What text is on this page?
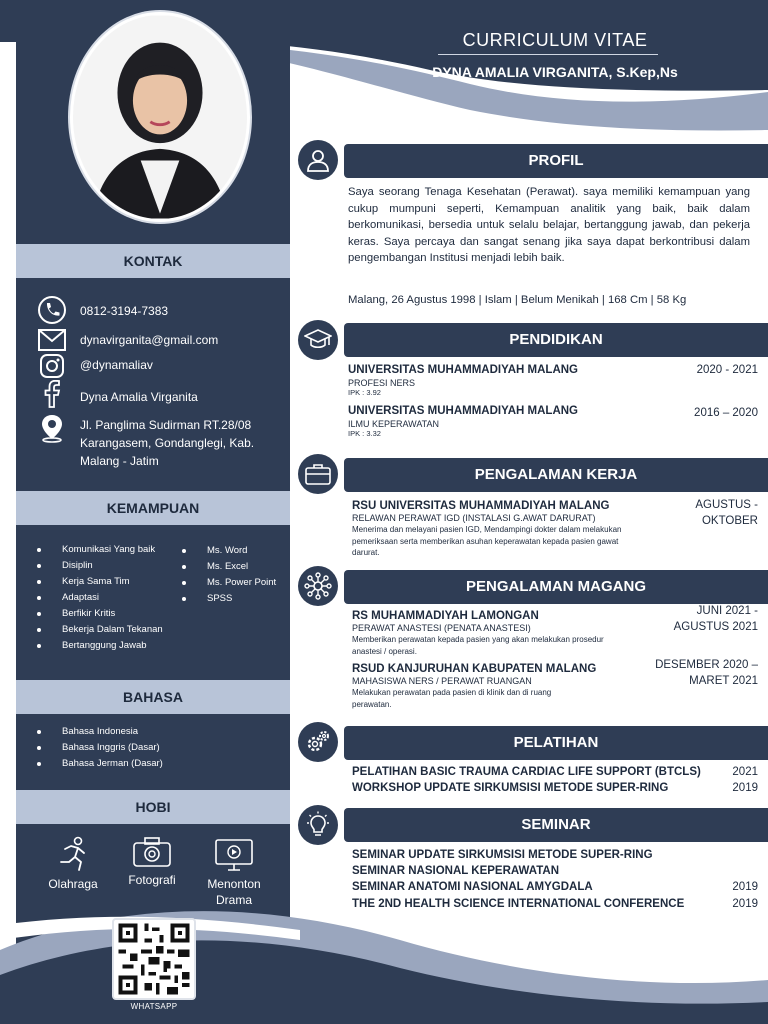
CURRICULUM VITAE
DYNA AMALIA VIRGANITA, S.Kep,Ns
KONTAK
0812-3194-7383
dynavirganita@gmail.com
@dynamaliav
Dyna Amalia Virganita
Jl. Panglima Sudirman RT.28/08
Karangasem, Gondanglegi, Kab.
Malang - Jatim
KEMAMPUAN
Komunikasi Yang baik
Disiplin
Kerja Sama Tim
Adaptasi
Berfikir Kritis
Bekerja Dalam Tekanan
Bertanggung Jawab
Ms. Word
Ms. Excel
Ms. Power Point
SPSS
BAHASA
Bahasa Indonesia
Bahasa Inggris (Dasar)
Bahasa Jerman (Dasar)
HOBI
Olahraga	Fotografi	Menonton Drama
WHATSAPP
PROFIL
Saya seorang Tenaga Kesehatan (Perawat). saya memiliki kemampuan yang cukup mumpuni seperti, Kemampuan analitik yang baik, baik dalam berkomunikasi, bersedia untuk selalu belajar, bertanggung jawab, dan pekerja keras. Saya percaya dan sangat senang jika saya dapat berkontribusi dalam pengembangan Institusi menjadi lebih baik.
Malang, 26 Agustus 1998 | Islam | Belum Menikah | 168 Cm | 58 Kg
PENDIDIKAN
UNIVERSITAS MUHAMMADIYAH MALANG
PROFESI NERS
IPK : 3.92
2020 - 2021
UNIVERSITAS MUHAMMADIYAH MALANG
ILMU KEPERAWATAN
IPK : 3.32
2016 – 2020
PENGALAMAN KERJA
RSU UNIVERSITAS MUHAMMADIYAH MALANG
RELAWAN PERAWAT IGD (INSTALASI G.AWAT DARURAT)
Menerima dan melayani pasien IGD, Mendampingi dokter dalam melakukan pemeriksaan serta memberikan asuhan keperawatan kepada pasien gawat darurat.
AGUSTUS -
OKTOBER
PENGALAMAN MAGANG
RS MUHAMMADIYAH LAMONGAN
PERAWAT ANASTESI (PENATA ANASTESI)
Memberikan perawatan kepada pasien yang akan melakukan prosedur anastesi / operasi.
JUNI 2021 -
AGUSTUS 2021
RSUD KANJURUHAN KABUPATEN MALANG
MAHASISWA NERS / PERAWAT RUANGAN
Melakukan perawatan pada pasien di klinik dan di ruang perawatan.
DESEMBER 2020 –
MARET 2021
PELATIHAN
PELATIHAN BASIC TRAUMA CARDIAC LIFE SUPPORT (BTCLS)	2021
WORKSHOP UPDATE SIRKUMSISI METODE SUPER-RING	2019
SEMINAR
SEMINAR UPDATE SIRKUMSISI METODE SUPER-RING
SEMINAR NASIONAL KEPERAWATAN
SEMINAR ANATOMI NASIONAL AMYGDALA	2019
THE 2ND HEALTH SCIENCE INTERNATIONAL CONFERENCE	2019
